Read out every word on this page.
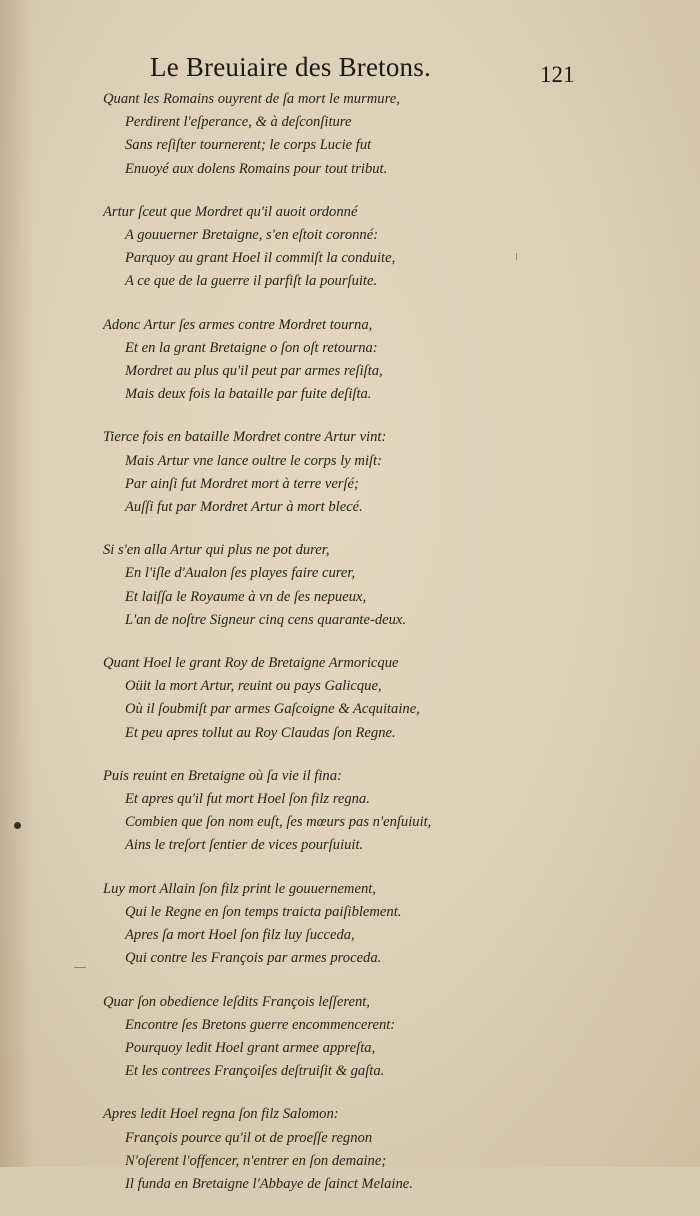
Le Breuiaire des Bretons.	121
Quant les Romains ouyrent de ſa mort le murmure,
Perdirent l'eſperance, & à deſconſiture
Sans reſiſter tournerent; le corps Lucie fut
Enuoyé aux dolens Romains pour tout tribut.
Artur ſceut que Mordret qu'il auoit ordonné
A gouuerner Bretaigne, s'en eſtoit coronné:
Parquoy au grant Hoel il commiſt la conduite,
A ce que de la guerre il parfiſt la pourſuite.
Adonc Artur ſes armes contre Mordret tourna,
Et en la grant Bretaigne o ſon oſt retourna:
Mordret au plus qu'il peut par armes reſiſta,
Mais deux fois la bataille par fuite deſiſta.
Tierce fois en bataille Mordret contre Artur vint:
Mais Artur vne lance oultre le corps ly miſt:
Par ainſi fut Mordret mort à terre verſé;
Auſſi fut par Mordret Artur à mort blecé.
Si s'en alla Artur qui plus ne pot durer,
En l'iſle d'Aualon ſes playes faire curer,
Et laiſſa le Royaume à vn de ſes nepueux,
L'an de noſtre Signeur cinq cens quarante-deux.
Quant Hoel le grant Roy de Bretaigne Armoricque
Oüit la mort Artur, reuint ou pays Galicque,
Où il ſoubmiſt par armes Gaſcoigne & Acquitaine,
Et peu apres tollut au Roy Claudas ſon Regne.
Puis reuint en Bretaigne où ſa vie il fina:
Et apres qu'il fut mort Hoel ſon filz regna.
Combien que ſon nom euſt, ſes mœurs pas n'enſuiuit,
Ains le treſort ſentier de vices pourſuiuit.
Luy mort Allain ſon filz print le gouuernement,
Qui le Regne en ſon temps traicta paiſiblement.
Apres ſa mort Hoel ſon filz luy ſucceda,
Qui contre les François par armes proceda.
Quar ſon obedience leſdits François leſſerent,
Encontre ſes Bretons guerre encommencerent:
Pourquoy ledit Hoel grant armee appreſta,
Et les contrees Françoiſes deſtruiſit & gaſta.
Apres ledit Hoel regna ſon filz Salomon:
François pource qu'il ot de proeſſe regnon
N'oſerent l'offencer, n'entrer en ſon demaine;
Il funda en Bretaigne l'Abbaye de ſainct Melaine.
